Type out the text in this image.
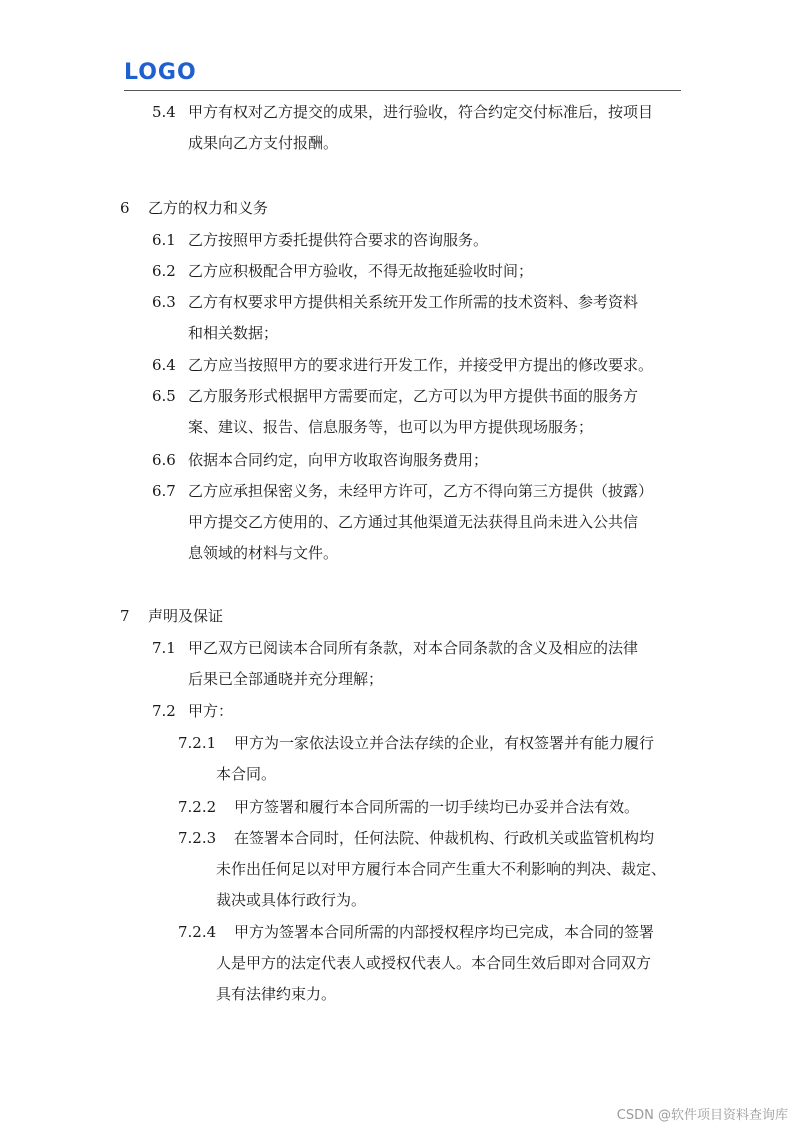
LOGO
5.4 甲方有权对乙方提交的成果，进行验收，符合约定交付标准后，按项目
成果向乙方支付报酬。
6 乙方的权力和义务
6.1 乙方按照甲方委托提供符合要求的咨询服务。
6.2 乙方应积极配合甲方验收，不得无故拖延验收时间；
6.3 乙方有权要求甲方提供相关系统开发工作所需的技术资料、参考资料
和相关数据；
6.4 乙方应当按照甲方的要求进行开发工作，并接受甲方提出的修改要求。
6.5 乙方服务形式根据甲方需要而定，乙方可以为甲方提供书面的服务方
案、建议、报告、信息服务等，也可以为甲方提供现场服务；
6.6 依据本合同约定，向甲方收取咨询服务费用；
6.7 乙方应承担保密义务，未经甲方许可，乙方不得向第三方提供（披露）
甲方提交乙方使用的、乙方通过其他渠道无法获得且尚未进入公共信
息领域的材料与文件。
7 声明及保证
7.1 甲乙双方已阅读本合同所有条款，对本合同条款的含义及相应的法律
后果已全部通晓并充分理解；
7.2 甲方：
7.2.1 甲方为一家依法设立并合法存续的企业，有权签署并有能力履行
本合同。
7.2.2 甲方签署和履行本合同所需的一切手续均已办妥并合法有效。
7.2.3 在签署本合同时，任何法院、仲裁机构、行政机关或监管机构均
未作出任何足以对甲方履行本合同产生重大不利影响的判决、裁定、
裁决或具体行政行为。
7.2.4 甲方为签署本合同所需的内部授权程序均已完成，本合同的签署
人是甲方的法定代表人或授权代表人。本合同生效后即对合同双方
具有法律约束力。
CSDN @软件项目资料查询库
